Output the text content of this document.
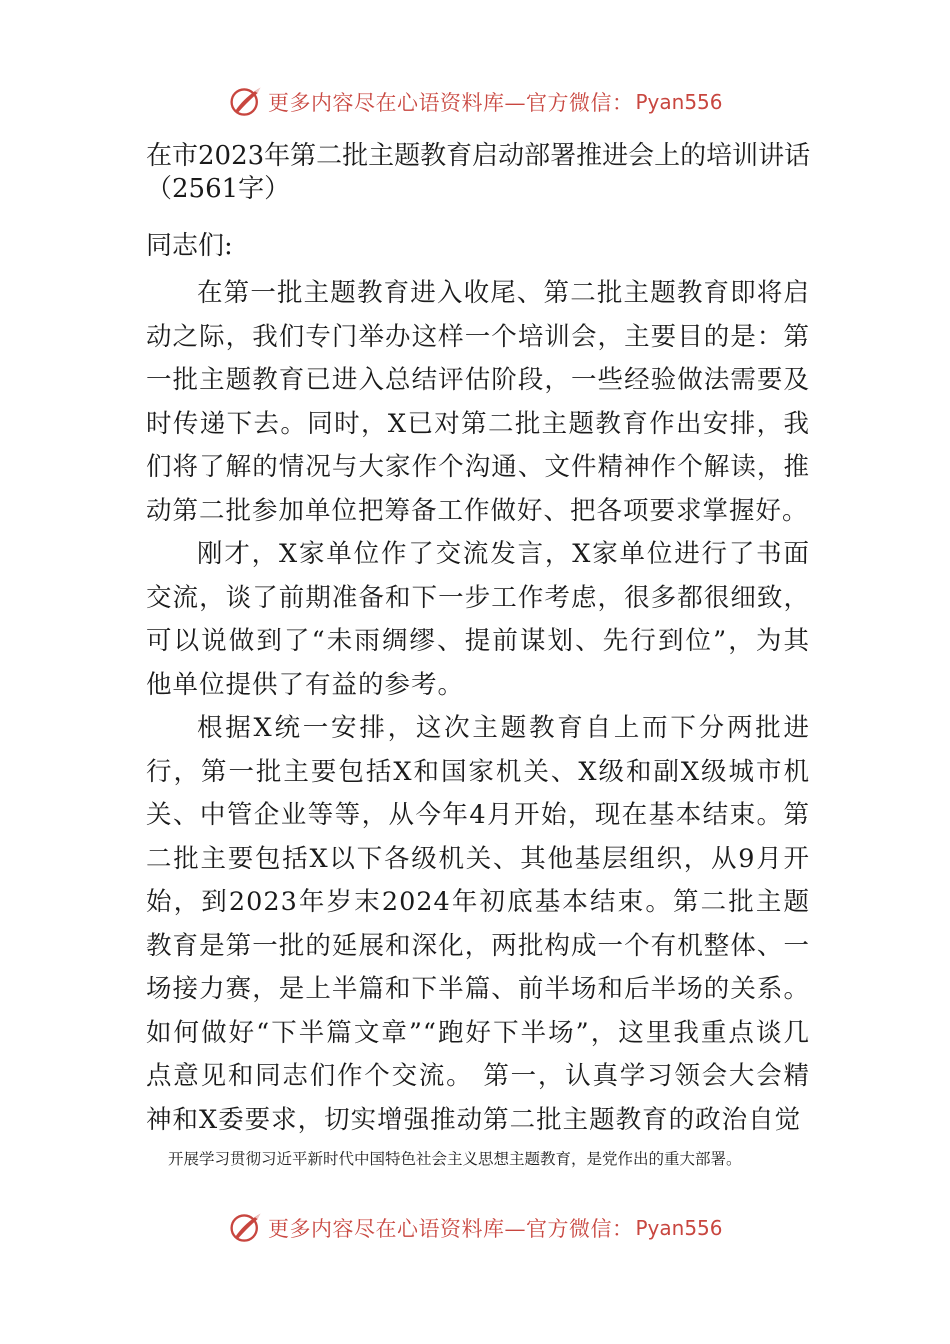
更多内容尽在心语资料库—官方微信： Pyan556
在市2023年第二批主题教育启动部署推进会上的培训讲话（2561字）
同志们:

在第一批主题教育进入收尾、第二批主题教育即将启动之际，我们专门举办这样一个培训会，主要目的是：第一批主题教育已进入总结评估阶段，一些经验做法需要及时传递下去。同时，X已对第二批主题教育作出安排，我们将了解的情况与大家作个沟通、文件精神作个解读，推动第二批参加单位把筹备工作做好、把各项要求掌握好。

刚才，X家单位作了交流发言，X家单位进行了书面交流，谈了前期准备和下一步工作考虑，很多都很细致，可以说做到了“未雨绸缪、提前谋划、先行到位”，为其他单位提供了有益的参考。

根据X统一安排，这次主题教育自上而下分两批进行，第一批主要包括X和国家机关、X级和副X级城市机关、中管企业等等，从今年4月开始，现在基本结束。第二批主要包括X以下各级机关、其他基层组织，从9月开始，到2023年岁末2024年初底基本结束。第二批主题教育是第一批的延展和深化，两批构成一个有机整体、一场接力赛，是上半篇和下半篇、前半场和后半场的关系。如何做好“下半篇文章”“跑好下半场”，这里我重点谈几点意见和同志们作个交流。 第一，认真学习领会大会精神和X委要求，切实增强推动第二批主题教育的政治自觉

开展学习贯彻习近平新时代中国特色社会主义思想主题教育，是党作出的重大部署。
更多内容尽在心语资料库—官方微信： Pyan556
